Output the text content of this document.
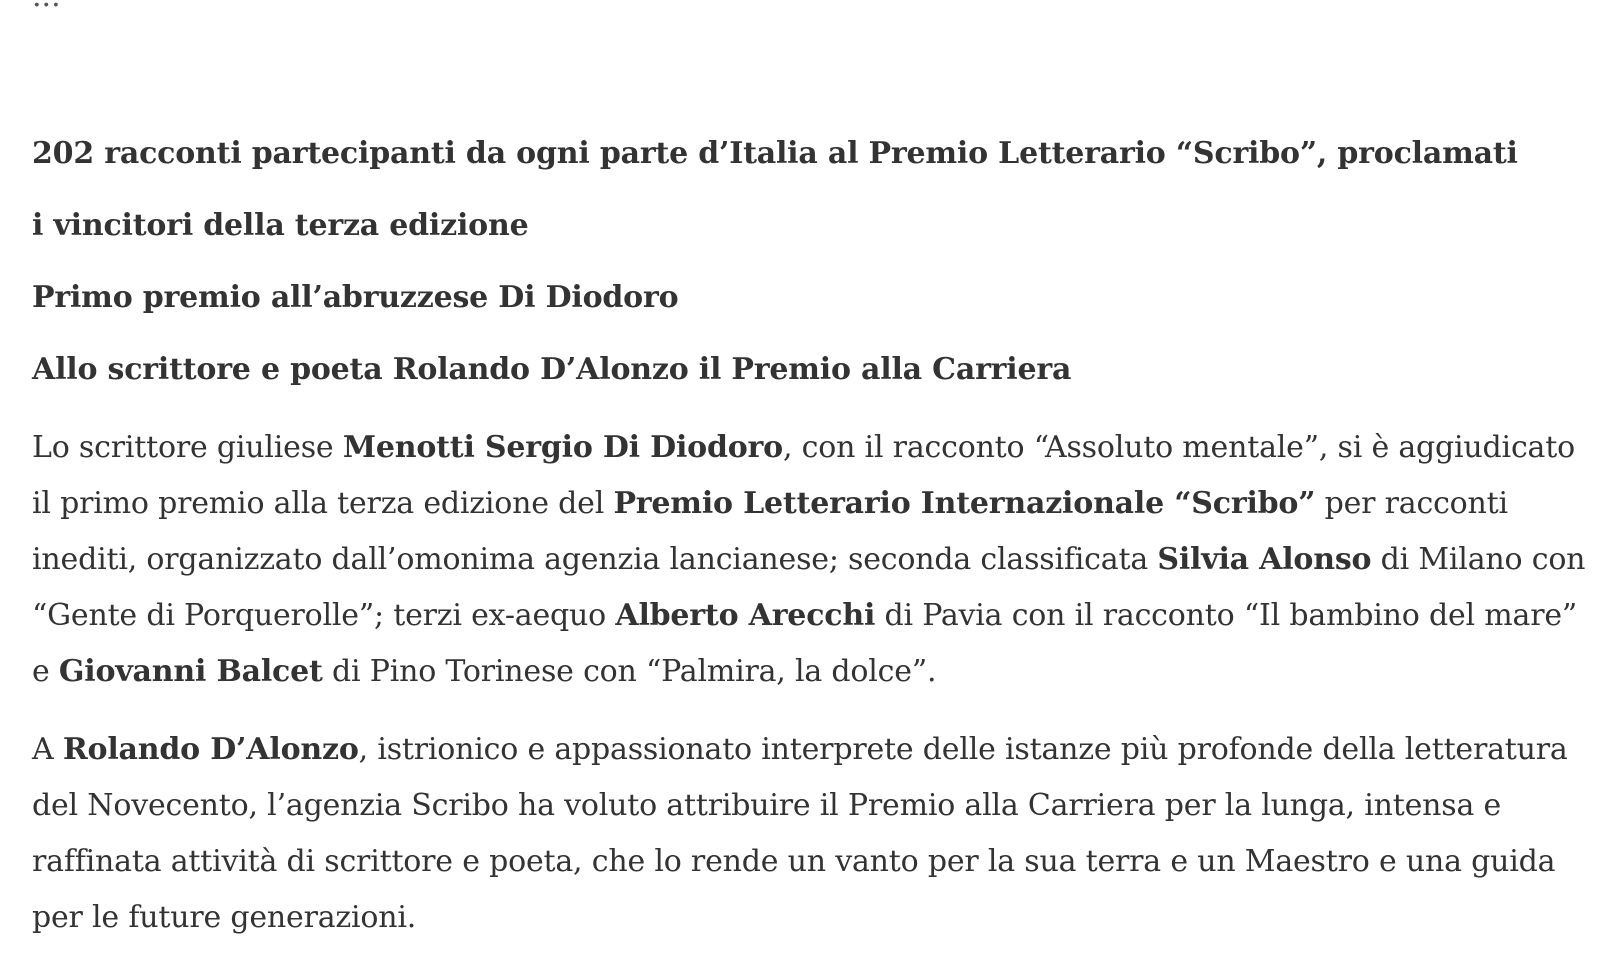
202 racconti partecipanti da ogni parte d’Italia al Premio Letterario “Scribo”, proclamati
i vincitori della terza edizione
Primo premio all’abruzzese Di Diodoro
Allo scrittore e poeta Rolando D’Alonzo il Premio alla Carriera

Lo scrittore giuliese Menotti Sergio Di Diodoro, con il racconto “Assoluto mentale”, si è aggiudicato il primo premio alla terza edizione del Premio Letterario Internazionale “Scribo” per racconti inediti, organizzato dall’omonima agenzia lancianese; seconda classificata Silvia Alonso di Milano con “Gente di Porquerolle”; terzi ex-aequo Alberto Arecchi di Pavia con il racconto “Il bambino del mare” e Giovanni Balcet di Pino Torinese con “Palmira, la dolce”.

A Rolando D’Alonzo, istrionico e appassionato interprete delle istanze più profonde della letteratura del Novecento, l’agenzia Scribo ha voluto attribuire il Premio alla Carriera per la lunga, intensa e raffinata attività di scrittore e poeta, che lo rende un vanto per la sua terra e un Maestro e una guida per le future generazioni.
